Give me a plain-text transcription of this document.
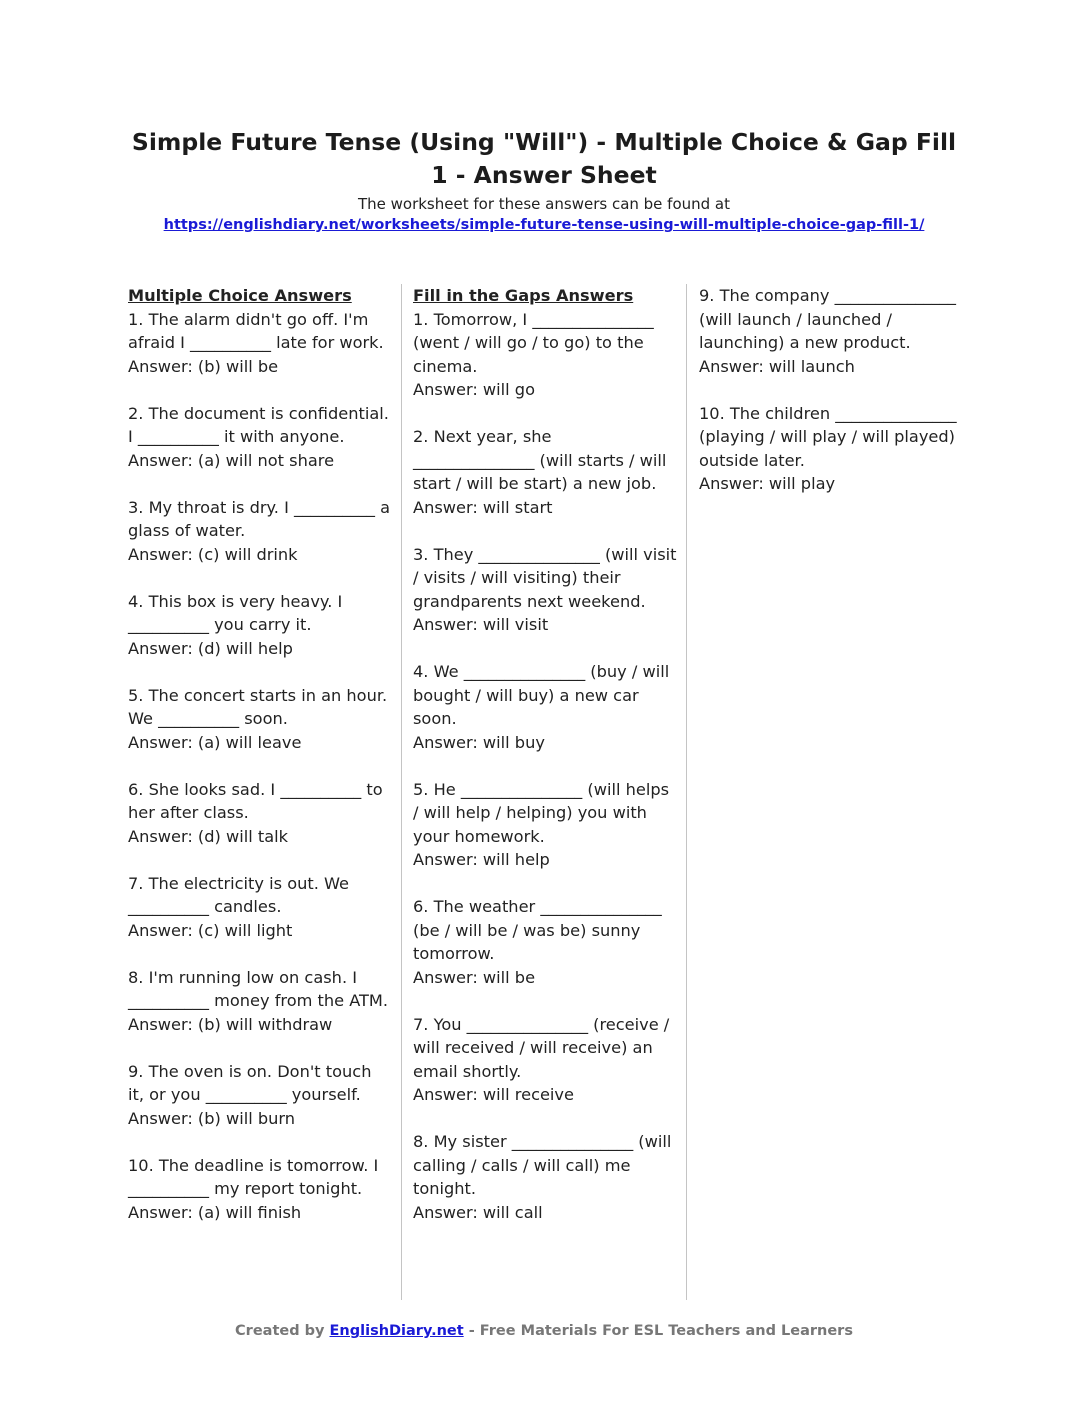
Simple Future Tense (Using "Will") - Multiple Choice & Gap Fill 1 - Answer Sheet
The worksheet for these answers can be found at
https://englishdiary.net/worksheets/simple-future-tense-using-will-multiple-choice-gap-fill-1/
Multiple Choice Answers
1. The alarm didn't go off. I'm afraid I __________ late for work.
Answer: (b) will be
2. The document is confidential. I __________ it with anyone.
Answer: (a) will not share
3. My throat is dry. I __________ a glass of water.
Answer: (c) will drink
4. This box is very heavy. I __________ you carry it.
Answer: (d) will help
5. The concert starts in an hour. We __________ soon.
Answer: (a) will leave
6. She looks sad. I __________ to her after class.
Answer: (d) will talk
7. The electricity is out. We __________ candles.
Answer: (c) will light
8. I'm running low on cash. I __________ money from the ATM.
Answer: (b) will withdraw
9. The oven is on. Don't touch it, or you __________ yourself.
Answer: (b) will burn
10. The deadline is tomorrow. I __________ my report tonight.
Answer: (a) will finish
Fill in the Gaps Answers
1. Tomorrow, I _______________ (went / will go / to go) to the cinema.
Answer: will go
2. Next year, she _______________ (will starts / will start / will be start) a new job.
Answer: will start
3. They _______________ (will visit / visits / will visiting) their grandparents next weekend.
Answer: will visit
4. We _______________ (buy / will bought / will buy) a new car soon.
Answer: will buy
5. He _______________ (will helps / will help / helping) you with your homework.
Answer: will help
6. The weather _______________ (be / will be / was be) sunny tomorrow.
Answer: will be
7. You _______________ (receive / will received / will receive) an email shortly.
Answer: will receive
8. My sister _______________ (will calling / calls / will call) me tonight.
Answer: will call
9. The company _______________ (will launch / launched / launching) a new product.
Answer: will launch
10. The children _______________ (playing / will play / will played) outside later.
Answer: will play
Created by EnglishDiary.net - Free Materials For ESL Teachers and Learners
